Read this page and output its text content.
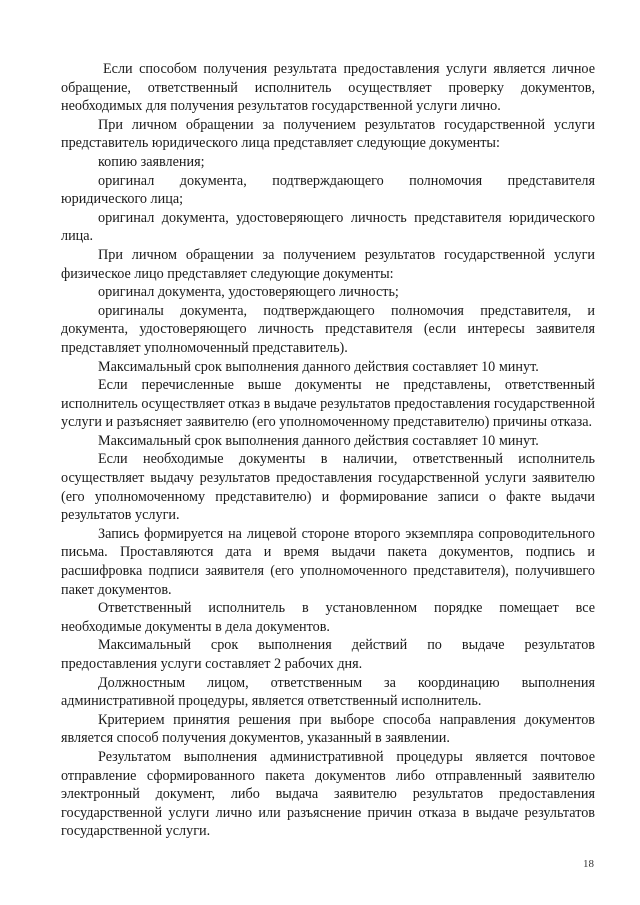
Если способом получения результата предоставления услуги является личное обращение, ответственный исполнитель осуществляет проверку документов, необходимых для получения результатов государственной услуги лично.

При личном обращении за получением результатов государственной услуги представитель юридического лица представляет следующие документы:

копию заявления;

оригинал документа, подтверждающего полномочия представителя юридического лица;

оригинал документа, удостоверяющего личность представителя юридического лица.

При личном обращении за получением результатов государственной услуги физическое лицо представляет следующие документы:

оригинал документа, удостоверяющего личность;

оригиналы документа, подтверждающего полномочия представителя, и документа, удостоверяющего личность представителя (если интересы заявителя представляет уполномоченный представитель).

Максимальный срок выполнения данного действия составляет 10 минут.

Если перечисленные выше документы не представлены, ответственный исполнитель осуществляет отказ в выдаче результатов предоставления государственной услуги и разъясняет заявителю (его уполномоченному представителю) причины отказа.

Максимальный срок выполнения данного действия составляет 10 минут.

Если необходимые документы в наличии, ответственный исполнитель осуществляет выдачу результатов предоставления государственной услуги заявителю (его уполномоченному представителю) и формирование записи о факте выдачи результатов услуги.

Запись формируется на лицевой стороне второго экземпляра сопроводительного письма. Проставляются дата и время выдачи пакета документов, подпись и расшифровка подписи заявителя (его уполномоченного представителя), получившего пакет документов.

Ответственный исполнитель в установленном порядке помещает все необходимые документы в дела документов.

Максимальный срок выполнения действий по выдаче результатов предоставления услуги составляет 2 рабочих дня.

Должностным лицом, ответственным за координацию выполнения административной процедуры, является ответственный исполнитель.

Критерием принятия решения при выборе способа направления документов является способ получения документов, указанный в заявлении.

Результатом выполнения административной процедуры является почтовое отправление сформированного пакета документов либо отправленный заявителю электронный документ, либо выдача заявителю результатов предоставления государственной услуги лично или разъяснение причин отказа в выдаче результатов государственной услуги.

18
